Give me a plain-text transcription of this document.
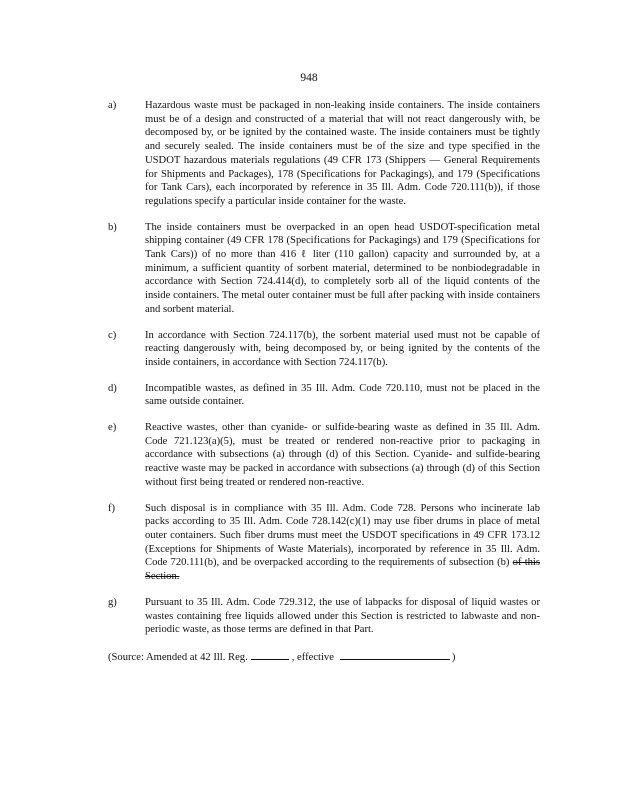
948
a)	Hazardous waste must be packaged in non-leaking inside containers. The inside containers must be of a design and constructed of a material that will not react dangerously with, be decomposed by, or be ignited by the contained waste. The inside containers must be tightly and securely sealed. The inside containers must be of the size and type specified in the USDOT hazardous materials regulations (49 CFR 173 (Shippers — General Requirements for Shipments and Packages), 178 (Specifications for Packagings), and 179 (Specifications for Tank Cars), each incorporated by reference in 35 Ill. Adm. Code 720.111(b)), if those regulations specify a particular inside container for the waste.
b)	The inside containers must be overpacked in an open head USDOT-specification metal shipping container (49 CFR 178 (Specifications for Packagings) and 179 (Specifications for Tank Cars)) of no more than 416 ℓ liter (110 gallon) capacity and surrounded by, at a minimum, a sufficient quantity of sorbent material, determined to be nonbiodegradable in accordance with Section 724.414(d), to completely sorb all of the liquid contents of the inside containers. The metal outer container must be full after packing with inside containers and sorbent material.
c)	In accordance with Section 724.117(b), the sorbent material used must not be capable of reacting dangerously with, being decomposed by, or being ignited by the contents of the inside containers, in accordance with Section 724.117(b).
d)	Incompatible wastes, as defined in 35 Ill. Adm. Code 720.110, must not be placed in the same outside container.
e)	Reactive wastes, other than cyanide- or sulfide-bearing waste as defined in 35 Ill. Adm. Code 721.123(a)(5), must be treated or rendered non-reactive prior to packaging in accordance with subsections (a) through (d) of this Section. Cyanide- and sulfide-bearing reactive waste may be packed in accordance with subsections (a) through (d) of this Section without first being treated or rendered non-reactive.
f)	Such disposal is in compliance with 35 Ill. Adm. Code 728. Persons who incinerate lab packs according to 35 Ill. Adm. Code 728.142(c)(1) may use fiber drums in place of metal outer containers. Such fiber drums must meet the USDOT specifications in 49 CFR 173.12 (Exceptions for Shipments of Waste Materials), incorporated by reference in 35 Ill. Adm. Code 720.111(b), and be overpacked according to the requirements of subsection (b) of this Section.
g)	Pursuant to 35 Ill. Adm. Code 729.312, the use of labpacks for disposal of liquid wastes or wastes containing free liquids allowed under this Section is restricted to labwaste and non-periodic waste, as those terms are defined in that Part.
(Source: Amended at 42 Ill. Reg.	, effective	)
